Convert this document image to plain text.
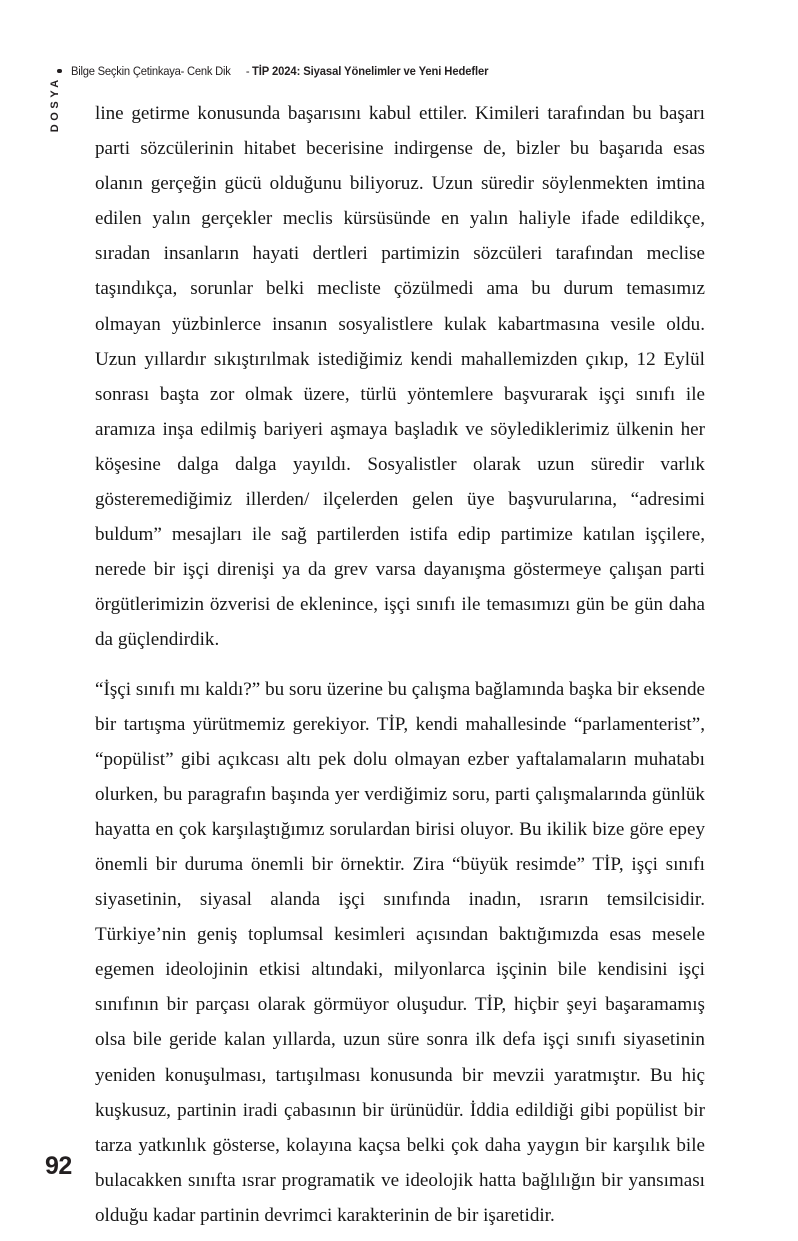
Bilge Seçkin Çetinkaya- Cenk Dik - TİP 2024: Siyasal Yönelimler ve Yeni Hedefler
DOSYA line getirme konusunda başarısını kabul ettiler. Kimileri tarafından bu başarı parti sözcülerinin hitabet becerisine indirgense de, bizler bu başarıda esas olanın gerçeğin gücü olduğunu biliyoruz. Uzun süredir söylenmekten imtina edilen yalın gerçekler meclis kürsüsünde en yalın haliyle ifade edildikçe, sıradan insanların hayati dertleri partimizin sözcüleri tarafından meclise taşındıkça, sorunlar belki mecliste çözülmedi ama bu durum temasımız olmayan yüzbinlerce insanın sosyalistlere kulak kabartmasına vesile oldu. Uzun yıllardır sıkıştırılmak istediğimiz kendi mahallemizden çıkıp, 12 Eylül sonrası başta zor olmak üzere, türlü yöntemlere başvurarak işçi sınıfı ile aramıza inşa edilmiş bariyeri aşmaya başladık ve söylediklerimiz ülkenin her köşesine dalga dalga yayıldı. Sosyalistler olarak uzun süredir varlık gösteremediğimiz illerden/ ilçelerden gelen üye başvurularına, “adresimi buldum” mesajları ile sağ partilerden istifa edip partimize katılan işçilere, nerede bir işçi direnişi ya da grev varsa dayanışma göstermeye çalışan parti örgütlerimizin özverisi de eklenince, işçi sınıfı ile temasımızı gün be gün daha da güçlendirdik.

“İşçi sınıfı mı kaldı?” bu soru üzerine bu çalışma bağlamında başka bir eksende bir tartışma yürütmemiz gerekiyor. TİP, kendi mahallesinde “parlamenterist”, “popülist” gibi açıkcası altı pek dolu olmayan ezber yaftalamaların muhatabı olurken, bu paragrafın başında yer verdiğimiz soru, parti çalışmalarında günlük hayatta en çok karşılaştığımız sorulardan birisi oluyor. Bu ikilik bize göre epey önemli bir duruma önemli bir örnektir. Zira “büyük resimde” TİP, işçi sınıfı siyasetinin, siyasal alanda işçi sınıfında inadın, ısrarın temsilcisidir. Türkiye’nin geniş toplumsal kesimleri açısından baktığımızda esas mesele egemen ideolojinin etkisi altındaki, milyonlarca işçinin bile kendisini işçi sınıfının bir parçası olarak görmüyor oluşudur. TİP, hiçbir şeyi başaramamış olsa bile geride kalan yıllarda, uzun süre sonra ilk defa işçi sınıfı siyasetinin yeniden konuşulması, tartışılması konusunda bir mevzii yaratmıştır. Bu hiç kuşkusuz, partinin iradi çabasının bir ürünüdür. İddia edildiği gibi popülist bir tarza yatkınlık gösterse, kolayına kaçsa belki çok daha yaygın bir karşılık bile bulacakken sınıfta ısrar programatik ve ideolojik hatta bağlılığın bir yansıması olduğu kadar partinin devrimci karakterinin de bir işaretidir.

92
